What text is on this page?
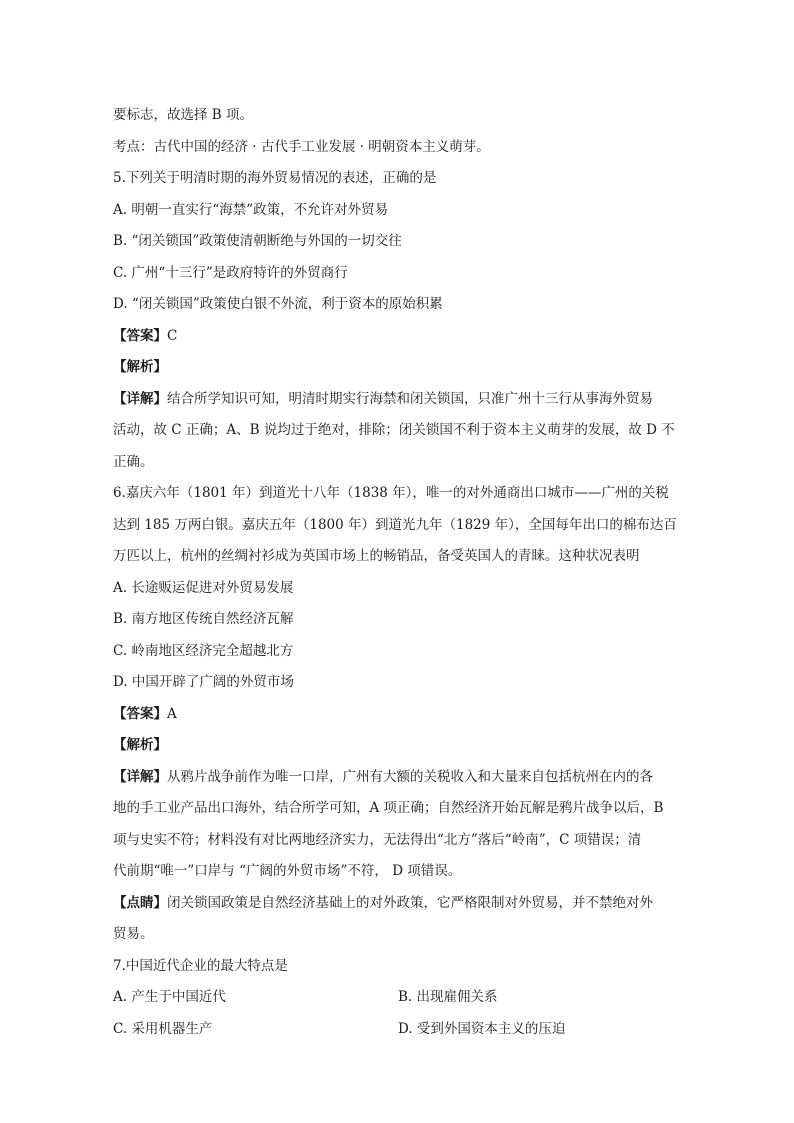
要标志，故选择 B 项。
考点：古代中国的经济 · 古代手工业发展 · 明朝资本主义萌芽。
5.下列关于明清时期的海外贸易情况的表述，正确的是
A. 明朝一直实行“海禁”政策，不允许对外贸易
B. “闭关锁国”政策使清朝断绝与外国的一切交往
C. 广州“十三行”是政府特许的外贸商行
D. “闭关锁国”政策使白银不外流，利于资本的原始积累
【答案】C
【解析】
【详解】结合所学知识可知，明清时期实行海禁和闭关锁国，只准广州十三行从事海外贸易
活动，故 C 正确；A、B 说均过于绝对，排除；闭关锁国不利于资本主义萌芽的发展，故 D 不
正确。
6.嘉庆六年（1801 年）到道光十八年（1838 年），唯一的对外通商出口城市——广州的关税
达到 185 万两白银。嘉庆五年（1800 年）到道光九年（1829 年），全国每年出口的棉布达百
万匹以上，杭州的丝绸衬衫成为英国市场上的畅销品，备受英国人的青睐。这种状况表明
A. 长途贩运促进对外贸易发展
B. 南方地区传统自然经济瓦解
C. 岭南地区经济完全超越北方
D. 中国开辟了广阔的外贸市场
【答案】A
【解析】
【详解】从鸦片战争前作为唯一口岸，广州有大额的关税收入和大量来自包括杭州在内的各
地的手工业产品出口海外，结合所学可知，A 项正确；自然经济开始瓦解是鸦片战争以后，B
项与史实不符；材料没有对比两地经济实力，无法得出“北方”落后“岭南”，C 项错误；清
代前期“唯一”口岸与 “广阔的外贸市场”不符， D 项错误。
【点睛】闭关锁国政策是自然经济基础上的对外政策，它严格限制对外贸易，并不禁绝对外
贸易。
7.中国近代企业的最大特点是
A. 产生于中国近代	B. 出现雇佣关系
C. 采用机器生产	D. 受到外国资本主义的压迫
